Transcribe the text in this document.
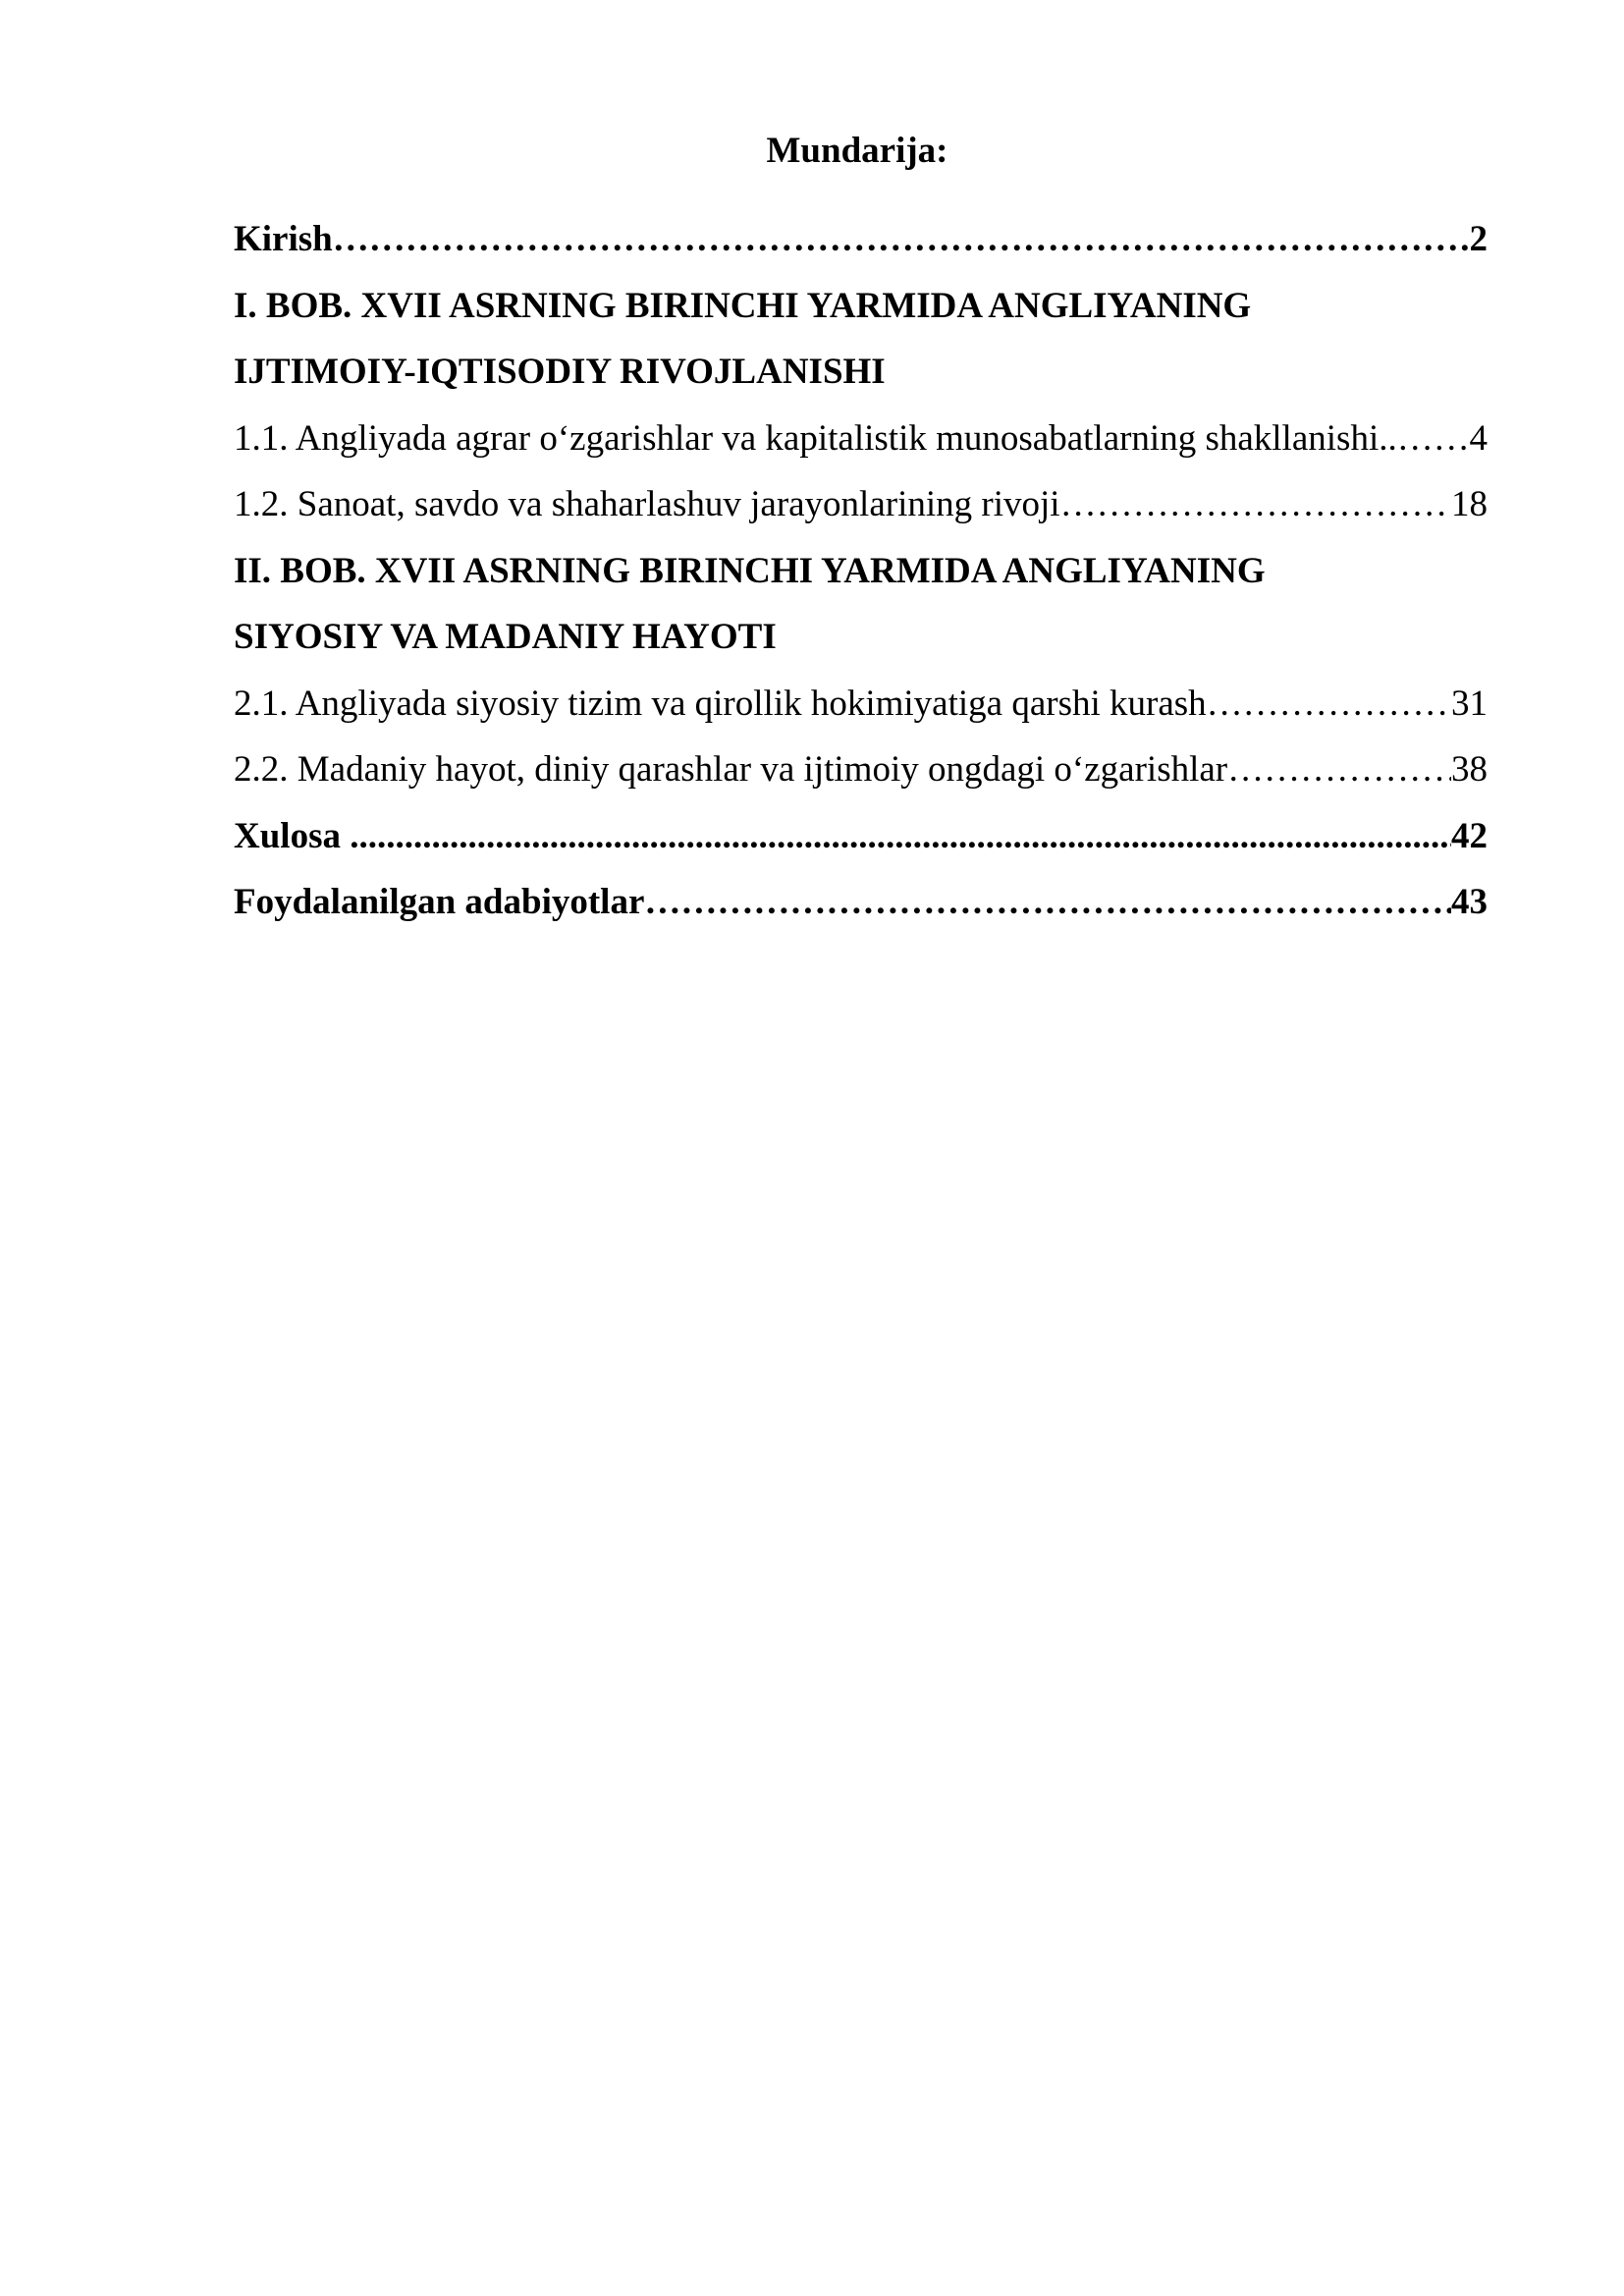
Mundarija:
Kirish ……………………………………………………………………………………………………………………………………………………………………………………………………………………………………	2
I. BOB. XVII ASRNING BIRINCHI YARMIDA ANGLIYANING
IJTIMOIY-IQTISODIY RIVOJLANISHI
1.1. Angliyada agrar o‘zgarishlar va kapitalistik munosabatlarning shakllanishi.. …………………………………………………………………………………………………………………………………………………………………………………………………………………………………… 4
1.2. Sanoat, savdo va shaharlashuv jarayonlarining rivoji ……………………………………………………………………………………………………………………………………………………………………………………………………………………………………	18
II. BOB. XVII ASRNING BIRINCHI YARMIDA ANGLIYANING
SIYOSIY VA MADANIY HAYOTI
2.1. Angliyada siyosiy tizim va qirollik hokimiyatiga qarshi kurash ……………………………………………………………………………………………………………………………………………………………………………………………………………………………………	31
2.2. Madaniy hayot, diniy qarashlar va ijtimoiy ongdagi o‘zgarishlar ……………………………………………………………………………………………………………………………………………………………………………………………………………………………………	38
Xulosa .....	42
Foydalanilgan adabiyotlar ……………………………………………………………………………………………………………………………………………………………………………………………………………………………………	43
